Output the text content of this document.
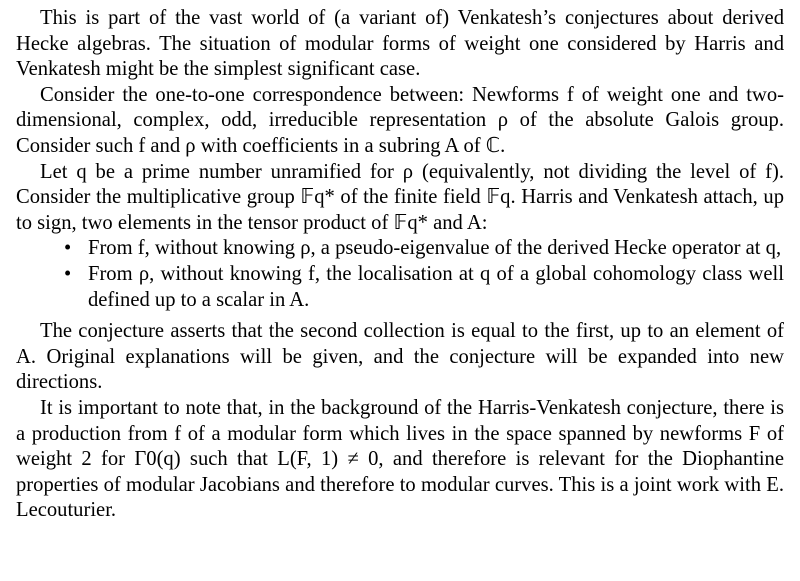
This is part of the vast world of (a variant of) Venkatesh’s conjectures about derived Hecke algebras. The situation of modular forms of weight one considered by Harris and Venkatesh might be the simplest significant case.

Consider the one-to-one correspondence between: Newforms f of weight one and two-dimensional, complex, odd, irreducible representation ρ of the absolute Galois group. Consider such f and ρ with coefficients in a subring A of ℂ.

Let q be a prime number unramified for ρ (equivalently, not dividing the level of f). Consider the multiplicative group 𝔽q* of the finite field 𝔽q. Harris and Venkatesh attach, up to sign, two elements in the tensor product of 𝔽q* and A:

• From f, without knowing ρ, a pseudo-eigenvalue of the derived Hecke operator at q,
• From ρ, without knowing f, the localisation at q of a global cohomology class well defined up to a scalar in A.

The conjecture asserts that the second collection is equal to the first, up to an element of A. Original explanations will be given, and the conjecture will be expanded into new directions.

It is important to note that, in the background of the Harris-Venkatesh conjecture, there is a production from f of a modular form which lives in the space spanned by newforms F of weight 2 for Γ0(q) such that L(F, 1) ≠ 0, and therefore is relevant for the Diophantine properties of modular Jacobians and therefore to modular curves. This is a joint work with E. Lecouturier.
